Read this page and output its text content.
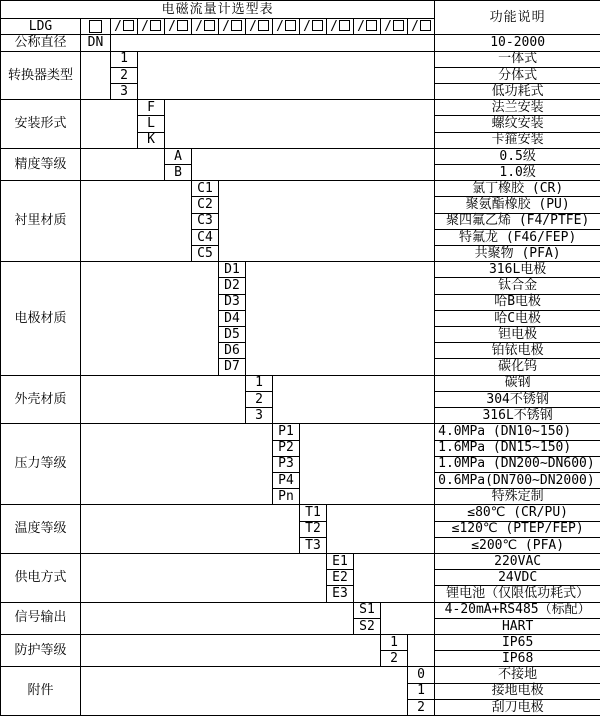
电磁流量计选型表														功能说明
LDG		/	/	/	/	/	/	/	/	/	/	/	/	
公称直径	DN													10-2000
转换器类型		1												一体式
		2												分体式
		3												低功耗式
安装形式			F											法兰安装
			L											螺纹安装
			K											卡箍安装
精度等级				A										0.5级
				B										1.0级
衬里材质					C1									氯丁橡胶 (CR)
					C2									聚氨酯橡胶 (PU)
					C3									聚四氟乙烯 (F4/PTFE)
					C4									特氟龙 (F46/FEP)
					C5									共聚物 (PFA)
电极材质						D1								316L电极
						D2								钛合金
						D3								哈B电极
						D4								哈C电极
						D5								钽电极
						D6								铂铱电极
						D7								碳化钨
外壳材质							1							碳钢
							2							304不锈钢
							3							316L不锈钢
压力等级								P1						4.0MPa (DN10~150)
								P2						1.6MPa (DN15~150)
								P3						1.0MPa (DN200~DN600)
								P4						0.6MPa(DN700~DN2000)
								Pn						特殊定制
温度等级									T1					≤80℃ (CR/PU)
									T2					≤120℃ (PTEP/FEP)
									T3					≤200℃ (PFA)
供电方式										E1				220VAC
										E2				24VDC
										E3				锂电池（仅限低功耗式）
信号输出											S1			4-20mA+RS485（标配）
											S2			HART
防护等级												1		IP65
												2		IP68
附件													0	不接地
													1	接地电极
													2	刮刀电极
